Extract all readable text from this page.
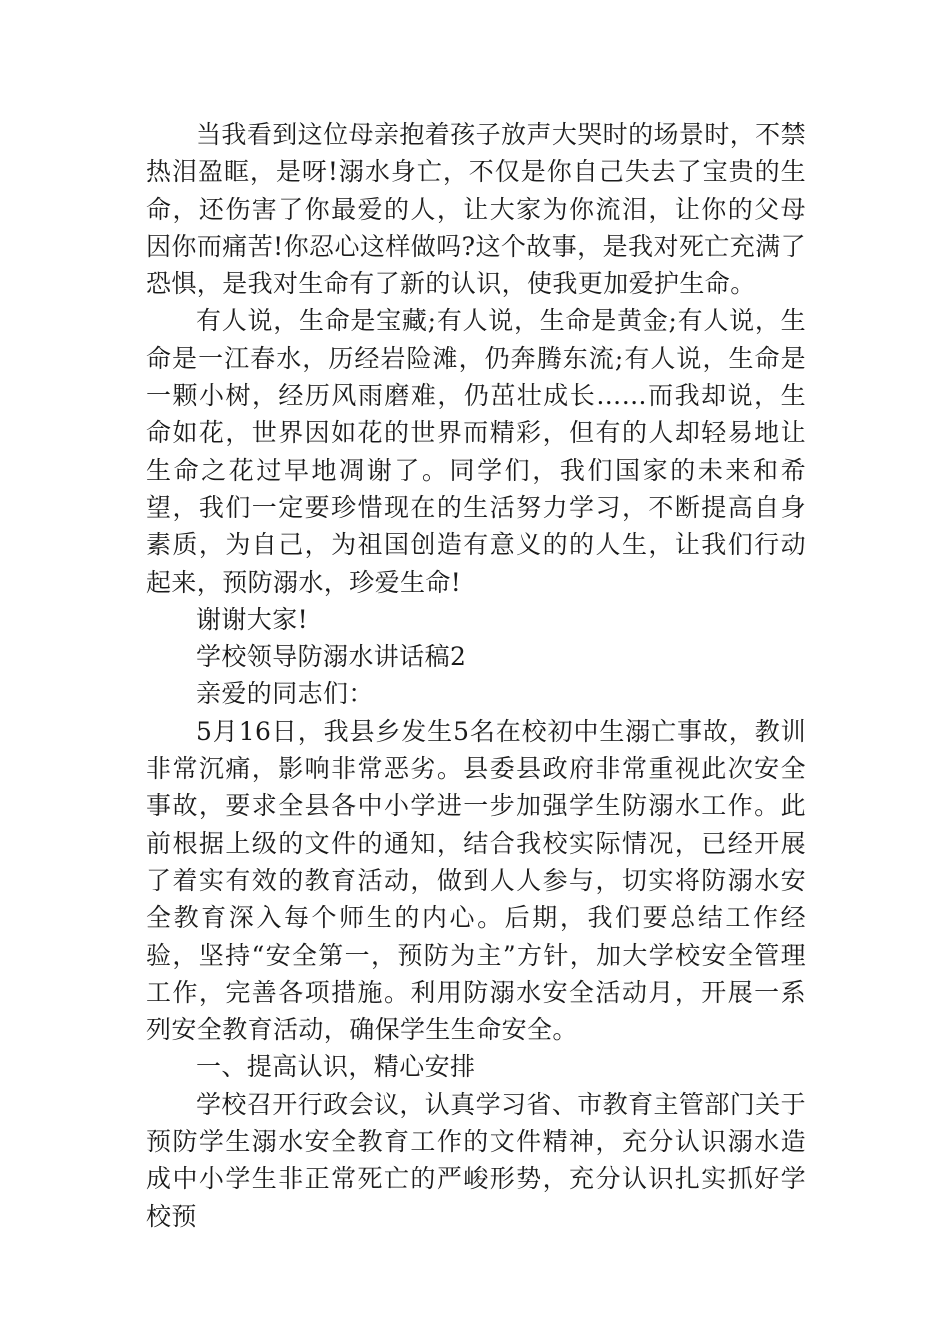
当我看到这位母亲抱着孩子放声大哭时的场景时，不禁热泪盈眶，是呀!溺水身亡，不仅是你自己失去了宝贵的生命，还伤害了你最爱的人，让大家为你流泪，让你的父母因你而痛苦!你忍心这样做吗?这个故事，是我对死亡充满了恐惧，是我对生命有了新的认识，使我更加爱护生命。

有人说，生命是宝藏;有人说，生命是黄金;有人说，生命是一江春水，历经岩险滩，仍奔腾东流;有人说，生命是一颗小树，经历风雨磨难，仍茁壮成长……而我却说，生命如花，世界因如花的世界而精彩，但有的人却轻易地让生命之花过早地凋谢了。同学们，我们国家的未来和希望，我们一定要珍惜现在的生活努力学习，不断提高自身素质，为自己，为祖国创造有意义的的人生，让我们行动起来，预防溺水，珍爱生命!

谢谢大家!

学校领导防溺水讲话稿2

亲爱的同志们：

5月16日，我县乡发生5名在校初中生溺亡事故，教训非常沉痛，影响非常恶劣。县委县政府非常重视此次安全事故，要求全县各中小学进一步加强学生防溺水工作。此前根据上级的文件的通知，结合我校实际情况，已经开展了着实有效的教育活动，做到人人参与，切实将防溺水安全教育深入每个师生的内心。后期，我们要总结工作经验，坚持“安全第一，预防为主”方针，加大学校安全管理工作，完善各项措施。利用防溺水安全活动月，开展一系列安全教育活动，确保学生生命安全。

一、提高认识，精心安排

学校召开行政会议，认真学习省、市教育主管部门关于预防学生溺水安全教育工作的文件精神，充分认识溺水造成中小学生非正常死亡的严峻形势，充分认识扎实抓好学校预
